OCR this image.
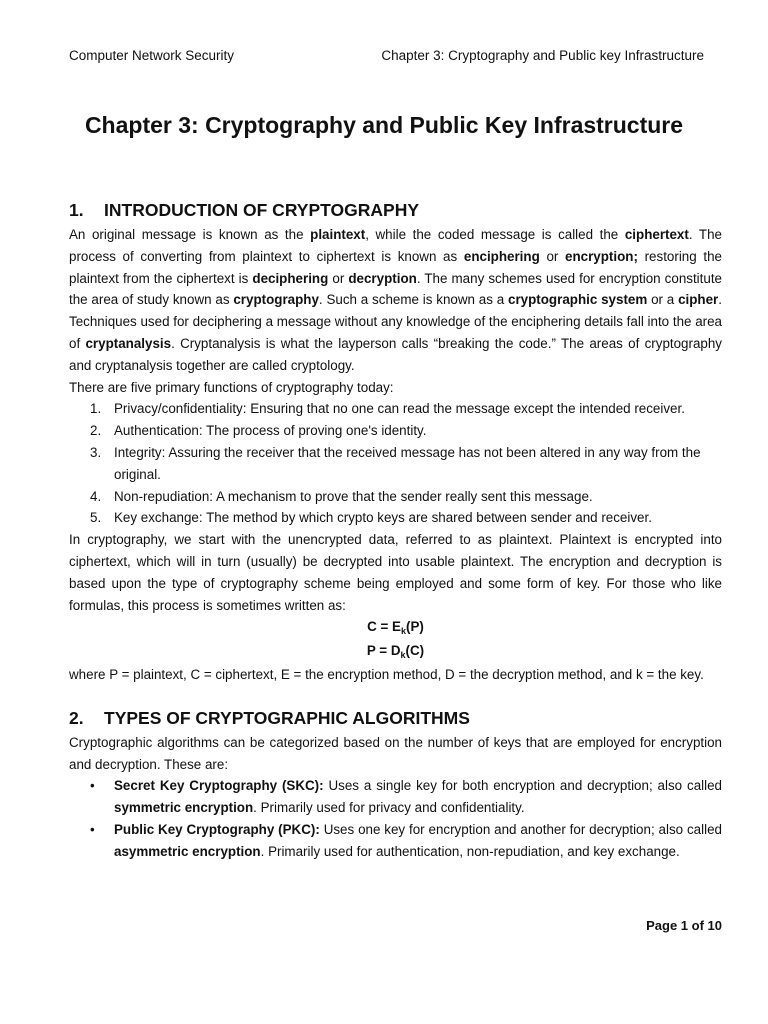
Computer Network Security	Chapter 3: Cryptography and Public key Infrastructure
Chapter 3: Cryptography and Public Key Infrastructure
1. INTRODUCTION OF CRYPTOGRAPHY

An original message is known as the plaintext, while the coded message is called the ciphertext. The process of converting from plaintext to ciphertext is known as enciphering or encryption; restoring the plaintext from the ciphertext is deciphering or decryption. The many schemes used for encryption constitute the area of study known as cryptography. Such a scheme is known as a cryptographic system or a cipher. Techniques used for deciphering a message without any knowledge of the enciphering details fall into the area of cryptanalysis. Cryptanalysis is what the layperson calls “breaking the code.” The areas of cryptography and cryptanalysis together are called cryptology.

There are five primary functions of cryptography today:

1. Privacy/confidentiality: Ensuring that no one can read the message except the intended receiver.
2. Authentication: The process of proving one's identity.
3. Integrity: Assuring the receiver that the received message has not been altered in any way from the original.
4. Non-repudiation: A mechanism to prove that the sender really sent this message.
5. Key exchange: The method by which crypto keys are shared between sender and receiver.

In cryptography, we start with the unencrypted data, referred to as plaintext. Plaintext is encrypted into ciphertext, which will in turn (usually) be decrypted into usable plaintext. The encryption and decryption is based upon the type of cryptography scheme being employed and some form of key. For those who like formulas, this process is sometimes written as:

$C = E_k(P)$
$P = D_k(C)$

where P = plaintext, C = ciphertext, E = the encryption method, D = the decryption method, and k = the key.

2. TYPES OF CRYPTOGRAPHIC ALGORITHMS

Cryptographic algorithms can be categorized based on the number of keys that are employed for encryption and decryption. These are:

• Secret Key Cryptography (SKC): Uses a single key for both encryption and decryption; also called symmetric encryption. Primarily used for privacy and confidentiality.
• Public Key Cryptography (PKC): Uses one key for encryption and another for decryption; also called asymmetric encryption. Primarily used for authentication, non-repudiation, and key exchange.
Page 1 of 10
